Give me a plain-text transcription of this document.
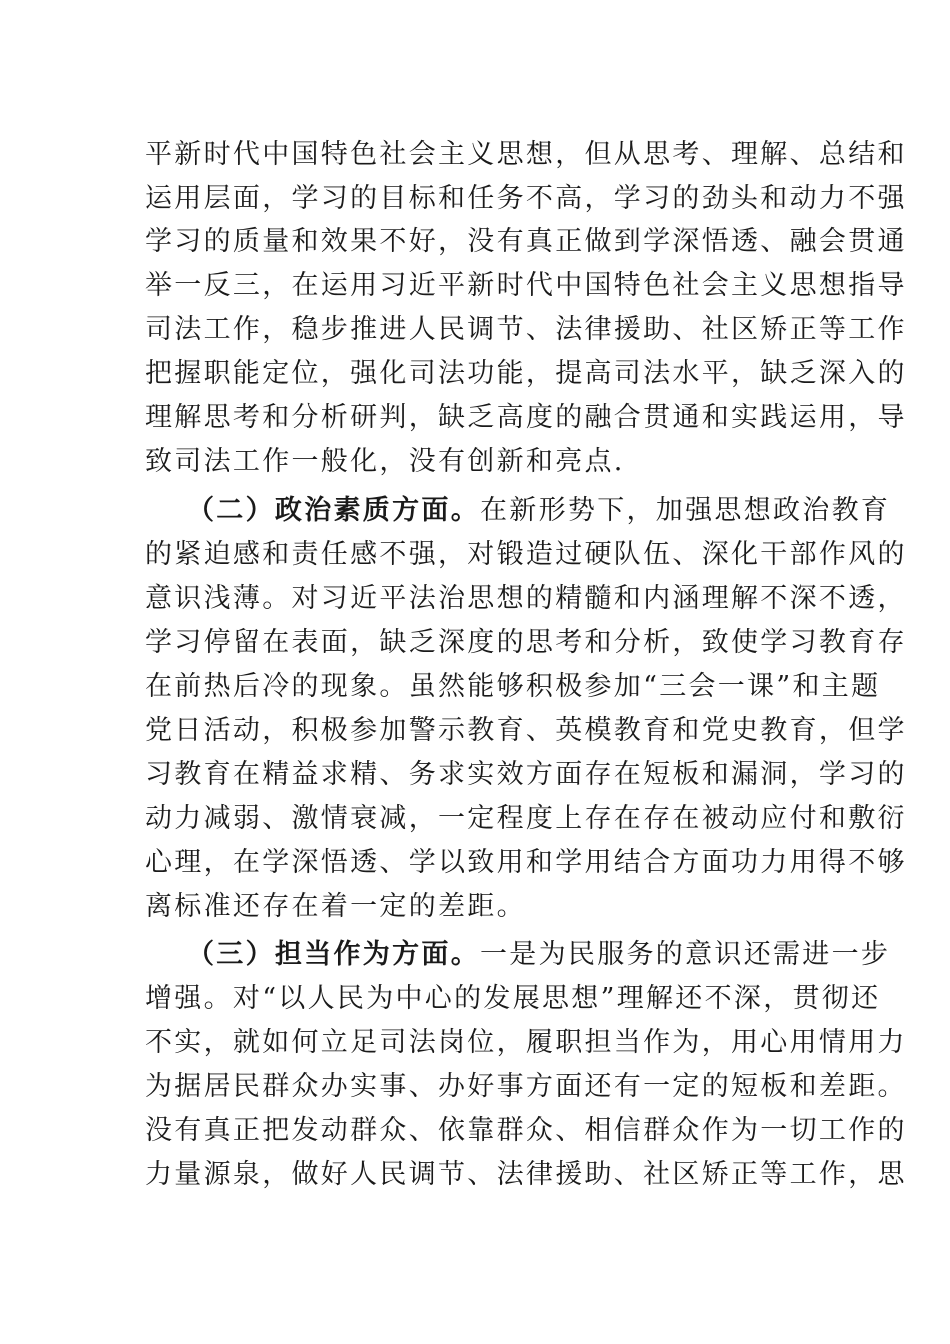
平新时代中国特色社会主义思想，但从思考、理解、总结和
运用层面，学习的目标和任务不高，学习的劲头和动力不强
学习的质量和效果不好，没有真正做到学深悟透、融会贯通
举一反三，在运用习近平新时代中国特色社会主义思想指导
司法工作，稳步推进人民调节、法律援助、社区矫正等工作
把握职能定位，强化司法功能，提高司法水平，缺乏深入的
理解思考和分析研判，缺乏高度的融合贯通和实践运用，导
致司法工作一般化，没有创新和亮点.
（二）政治素质方面。在新形势下，加强思想政治教育
的紧迫感和责任感不强，对锻造过硬队伍、深化干部作风的
意识浅薄。对习近平法治思想的精髓和内涵理解不深不透，
学习停留在表面，缺乏深度的思考和分析，致使学习教育存
在前热后冷的现象。虽然能够积极参加“三会一课”和主题
党日活动，积极参加警示教育、英模教育和党史教育，但学
习教育在精益求精、务求实效方面存在短板和漏洞，学习的
动力减弱、激情衰减，一定程度上存在存在被动应付和敷衍
心理，在学深悟透、学以致用和学用结合方面功力用得不够
离标准还存在着一定的差距。
（三）担当作为方面。一是为民服务的意识还需进一步
增强。对“以人民为中心的发展思想”理解还不深，贯彻还
不实，就如何立足司法岗位，履职担当作为，用心用情用力
为据居民群众办实事、办好事方面还有一定的短板和差距。
没有真正把发动群众、依靠群众、相信群众作为一切工作的
力量源泉，做好人民调节、法律援助、社区矫正等工作，思
